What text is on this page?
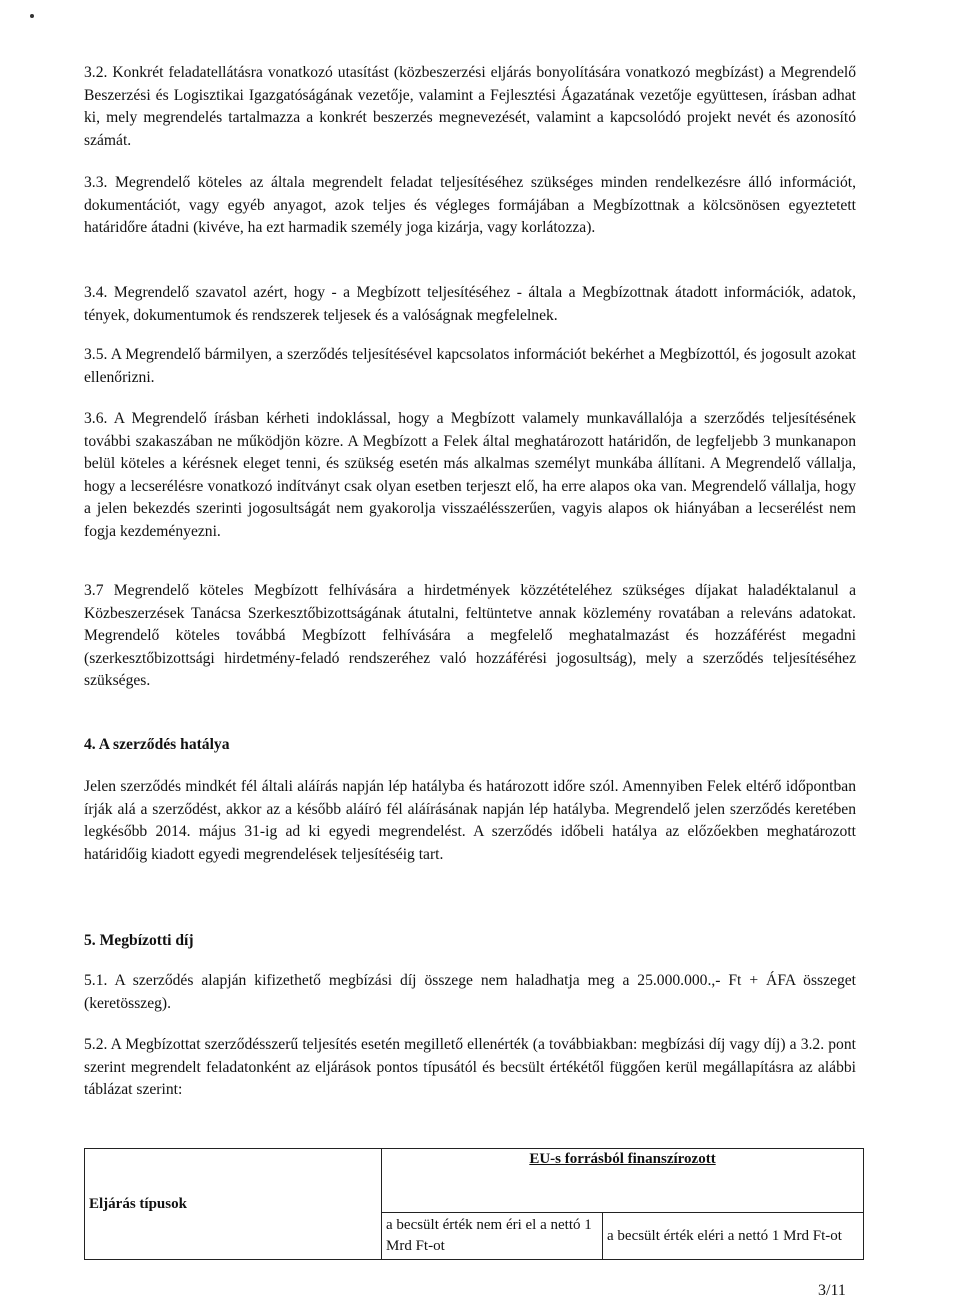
3.2. Konkrét feladatellátásra vonatkozó utasítást (közbeszerzési eljárás bonyolítására vonatkozó megbízást) a Megrendelő Beszerzési és Logisztikai Igazgatóságának vezetője, valamint a Fejlesztési Ágazatának vezetője együttesen, írásban adhat ki, mely megrendelés tartalmazza a konkrét beszerzés megnevezését, valamint a kapcsolódó projekt nevét és azonosító számát.

3.3. Megrendelő köteles az általa megrendelt feladat teljesítéséhez szükséges minden rendelkezésre álló információt, dokumentációt, vagy egyéb anyagot, azok teljes és végleges formájában a Megbízottnak a kölcsönösen egyeztetett határidőre átadni (kivéve, ha ezt harmadik személy joga kizárja, vagy korlátozza).

3.4. Megrendelő szavatol azért, hogy - a Megbízott teljesítéséhez - általa a Megbízottnak átadott információk, adatok, tények, dokumentumok és rendszerek teljesek és a valóságnak megfelelnek.

3.5. A Megrendelő bármilyen, a szerződés teljesítésével kapcsolatos információt bekérhet a Megbízottól, és jogosult azokat ellenőrizni.

3.6. A Megrendelő írásban kérheti indoklással, hogy a Megbízott valamely munkavállalója a szerződés teljesítésének további szakaszában ne működjön közre. A Megbízott a Felek által meghatározott határidőn, de legfeljebb 3 munkanapon belül köteles a kérésnek eleget tenni, és szükség esetén más alkalmas személyt munkába állítani. A Megrendelő vállalja, hogy a lecserélésre vonatkozó indítványt csak olyan esetben terjeszt elő, ha erre alapos oka van. Megrendelő vállalja, hogy a jelen bekezdés szerinti jogosultságát nem gyakorolja visszaélésszerűen, vagyis alapos ok hiányában a lecserélést nem fogja kezdeményezni.

3.7 Megrendelő köteles Megbízott felhívására a hirdetmények közzétételéhez szükséges díjakat haladéktalanul a Közbeszerzések Tanácsa Szerkesztőbizottságának átutalni, feltüntetve annak közlemény rovatában a releváns adatokat. Megrendelő köteles továbbá Megbízott felhívására a megfelelő meghatalmazást és hozzáférést megadni (szerkesztőbizottsági hirdetmény-feladó rendszeréhez való hozzáférési jogosultság), mely a szerződés teljesítéséhez szükséges.

4. A szerződés hatálya

Jelen szerződés mindkét fél általi aláírás napján lép hatályba és határozott időre szól. Amennyiben Felek eltérő időpontban írják alá a szerződést, akkor az a később aláíró fél aláírásának napján lép hatályba. Megrendelő jelen szerződés keretében legkésőbb 2014. május 31-ig ad ki egyedi megrendelést. A szerződés időbeli hatálya az előzőekben meghatározott határidőig kiadott egyedi megrendelések teljesítéséig tart.

5. Megbízotti díj

5.1. A szerződés alapján kifizethető megbízási díj összege nem haladhatja meg a 25.000.000.,- Ft + ÁFA összeget (keretösszeg).

5.2. A Megbízottat szerződésszerű teljesítés esetén megillető ellenérték (a továbbiakban: megbízási díj vagy díj) a 3.2. pont szerint megrendelt feladatonként az eljárások pontos típusától és becsült értékétől függően kerül megállapításra az alábbi táblázat szerint:

Eljárás típusok	EU-s forrásból finanszírozott	
	a becsült érték nem éri el a nettó 1 Mrd Ft-ot	a becsült érték eléri a nettó 1 Mrd Ft-ot
3/11
